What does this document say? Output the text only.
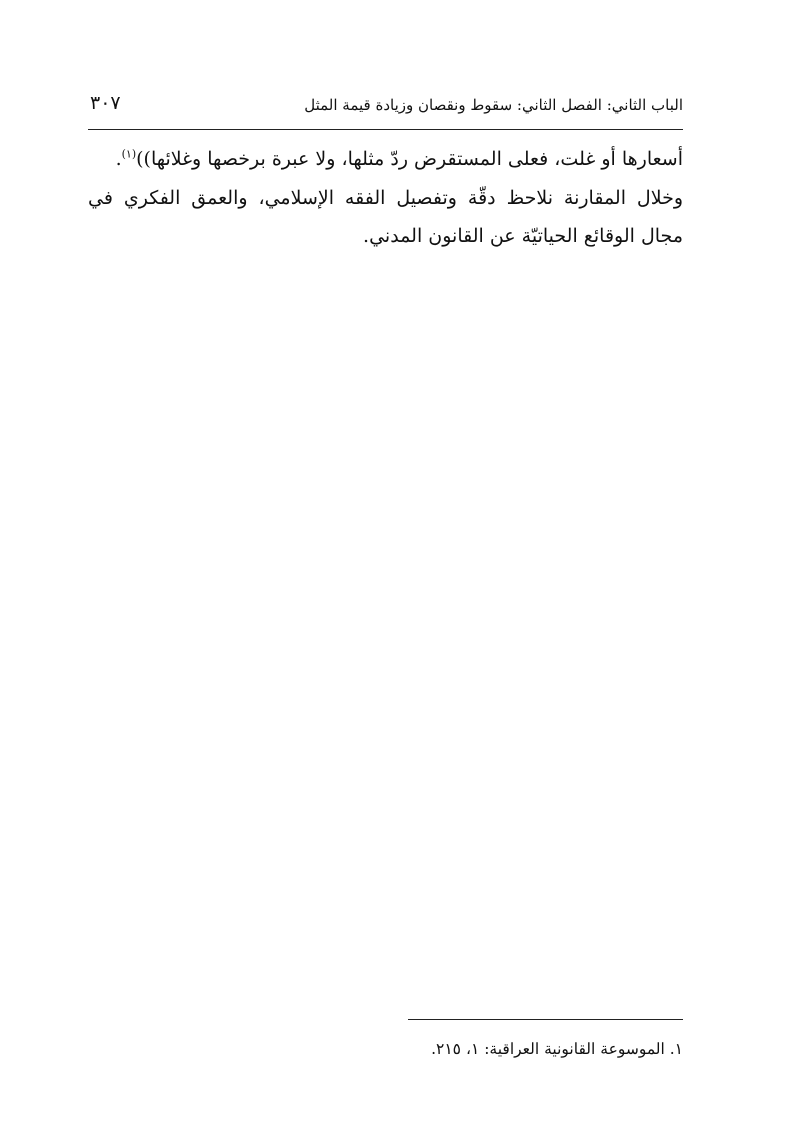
الباب الثاني: الفصل الثاني: سقوط ونقصان وزيادة قيمة المثل
٣٠٧

أسعارها أو غلت، فعلى المستقرض ردّ مثلها، ولا عبرة برخصها وغلائها))$^{(١)}$.

وخلال المقارنة نلاحظ دقّة وتفصيل الفقه الإسلامي، والعمق الفكري في مجال الوقائع الحياتيّة عن القانون المدني.

١. الموسوعة القانونية العراقية: ١، ٢١٥.
